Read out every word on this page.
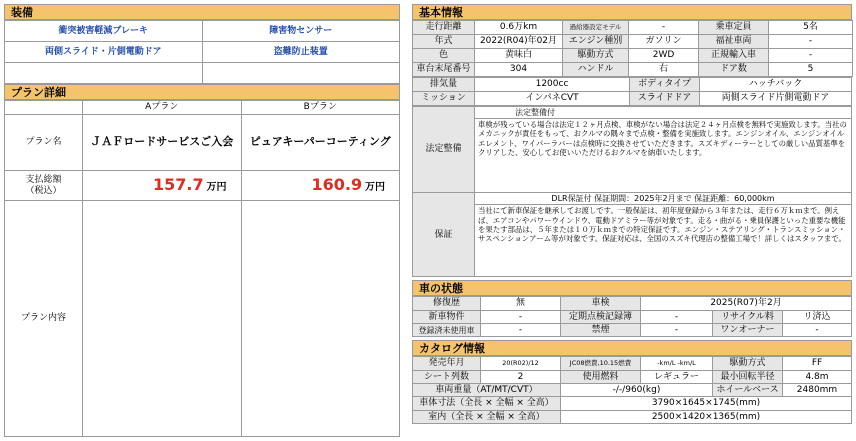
装備
衝突被害軽減ブレーキ	障害物センサー
両側スライド・片側電動ドア	盗難防止装置

プラン詳細
	Aプラン	Bプラン
プラン名	ＪＡＦロードサービスご入会	ピュアキーパーコーティング
支払総額
（税込）	157.7 万円	160.9 万円
プラン内容		
基本情報
走行距離	0.6万km	過給器設定モデル	-	乗車定員	5名
年式	2022(R04)年02月	エンジン種別	ガソリン	福祉車両	-
色	黄味白	駆動方式	2WD	正規輸入車	-
車台末尾番号	304	ハンドル	右	ドア数	5
排気量	1200cc	ボディタイプ	ハッチバック
ミッション	インパネCVT	スライドドア	両側スライド片側電動ドア
法定整備	法定整備付
	車検が残っている場合は法定１２ヶ月点検、車検がない場合は法定２４ヶ月点検を無料で実施致します。当社のメカニックが責任をもって、おクルマの隅々まで点検・整備を実施致します。エンジンオイル、エンジンオイルエレメント、ワイパーラバーは点検時に交換させていただきます。スズキディーラーとしての厳しい品質基準をクリアした、安心してお使いいただけるおクルマを納車いたします。
保証	DLR保証付 保証期間：2025年2月まで 保証距離：60,000km
	当社にて新車保証を継承してお渡しです。一般保証は、初年度登録から３年または、走行６万ｋｍまで。例えば、エアコンやパワーウインドウ、電動ドアミラー等が対象です。走る・曲がる・乗員保護といった重要な機能を果たす部品は、５年または１０万ｋｍまでの特定保証です。エンジン・ステアリング・トランスミッション・サスペンションアーム等が対象です。保証対応は、全国のスズキ代理店の整備工場で！詳しくはスタッフまで。
車の状態
修復歴	無	車検	2025(R07)年2月		
新車物件	-	定期点検記録簿	-	リサイクル料	リ済込
登録済未使用車	-	禁煙	-	ワンオーナー	-
カタログ情報
発売年月	20(R02)/12	JC08燃費,10.15燃費	-km/L -km/L	駆動方式	FF
シート列数	2	使用燃料	レギュラー	最小回転半径	4.8m
車両重量（AT/MT/CVT）		-/-/960(kg)		ホイールベース	2480mm
車体寸法（全長 × 全幅 × 全高）		3790×1645×1745(mm)			
室内（全長 × 全幅 × 全高）		2500×1420×1365(mm)			
